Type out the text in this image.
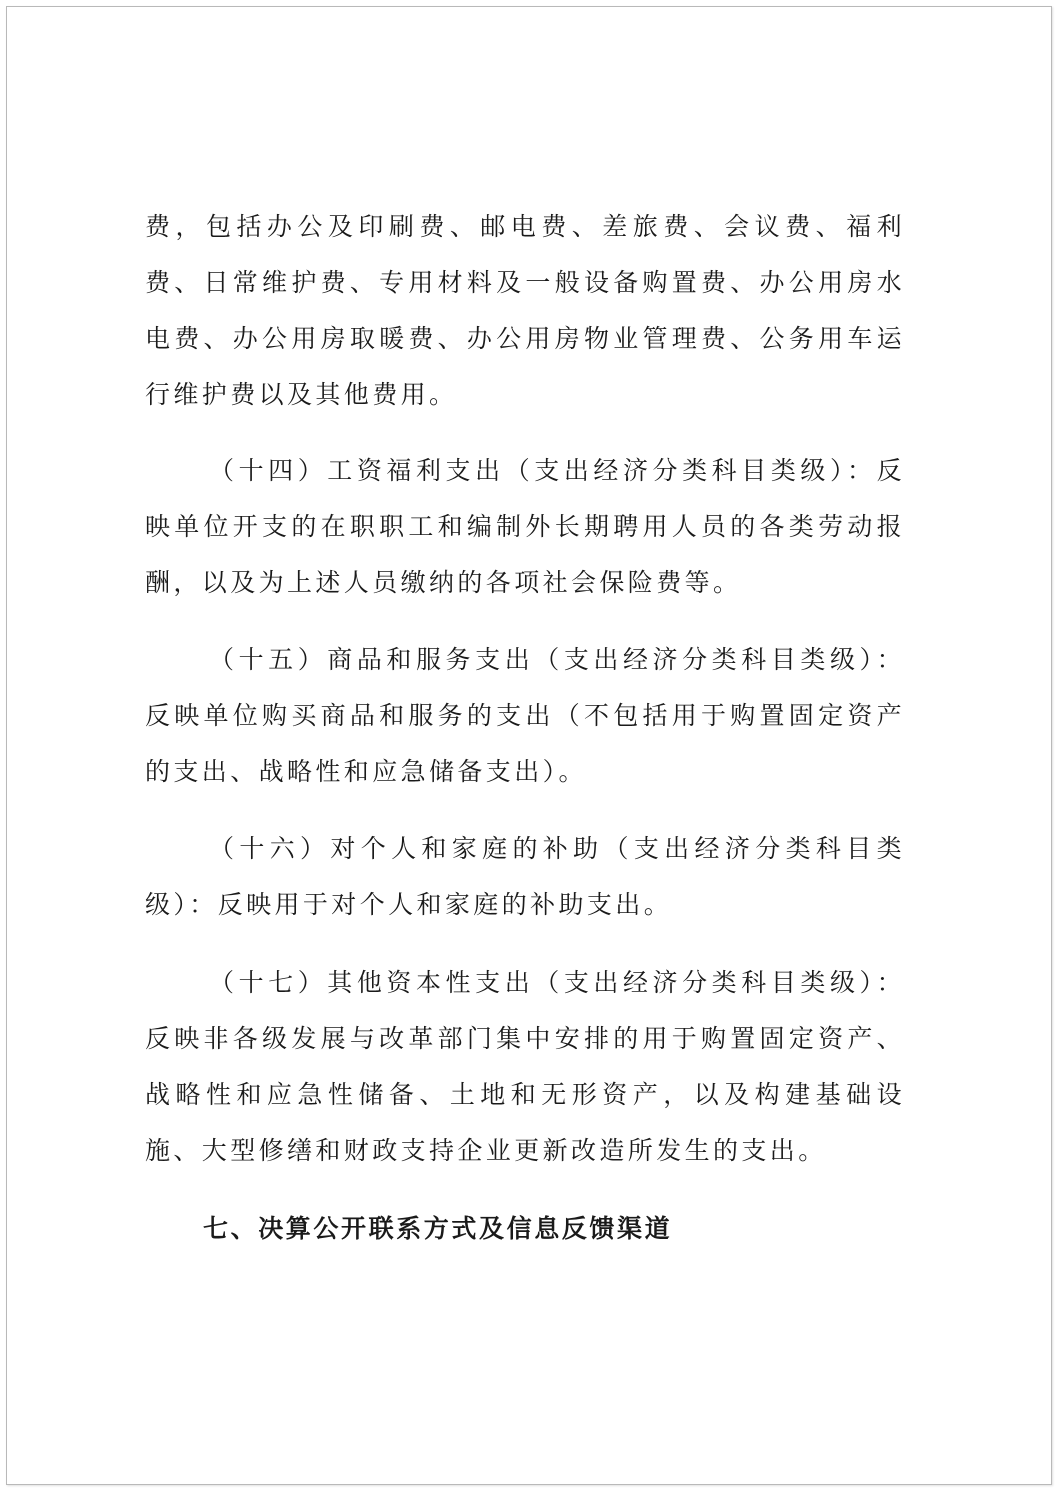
费，包括办公及印刷费、邮电费、差旅费、会议费、福利费、日常维护费、专用材料及一般设备购置费、办公用房水电费、办公用房取暖费、办公用房物业管理费、公务用车运行维护费以及其他费用。

（十四）工资福利支出（支出经济分类科目类级）：反映单位开支的在职职工和编制外长期聘用人员的各类劳动报酬，以及为上述人员缴纳的各项社会保险费等。

（十五）商品和服务支出（支出经济分类科目类级）：反映单位购买商品和服务的支出（不包括用于购置固定资产的支出、战略性和应急储备支出）。

（十六）对个人和家庭的补助（支出经济分类科目类级）：反映用于对个人和家庭的补助支出。

（十七）其他资本性支出（支出经济分类科目类级）：反映非各级发展与改革部门集中安排的用于购置固定资产、战略性和应急性储备、土地和无形资产，以及构建基础设施、大型修缮和财政支持企业更新改造所发生的支出。

七、决算公开联系方式及信息反馈渠道
